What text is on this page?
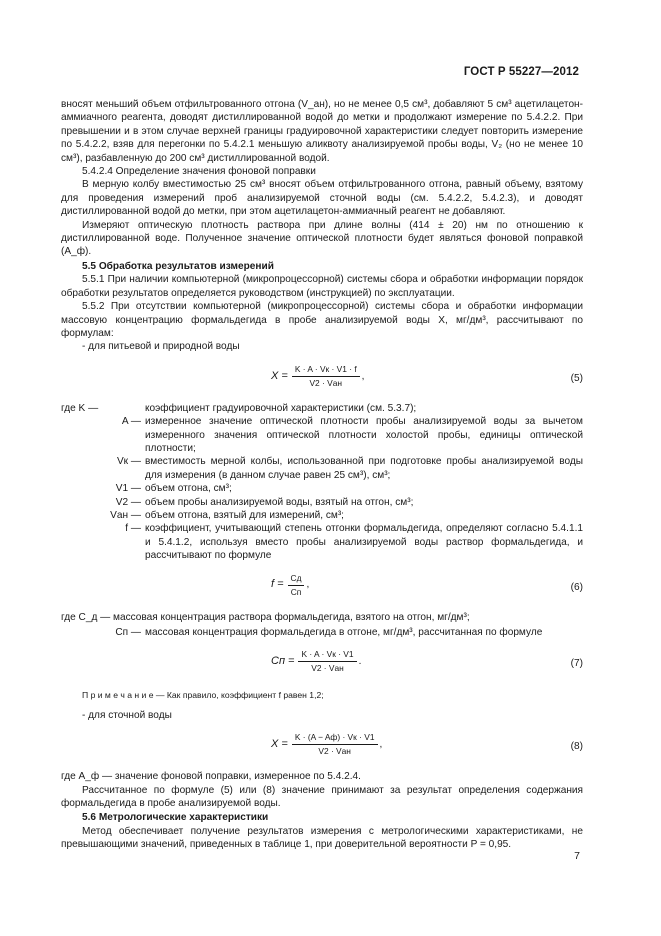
ГОСТ Р 55227—2012

вносят меньший объем отфильтрованного отгона (V_ан), но не менее 0,5 см³, добавляют 5 см³ ацетилацетон-аммиачного реагента, доводят дистиллированной водой до метки и продолжают измерение по 5.4.2.2. При превышении и в этом случае верхней границы градуировочной характеристики следует повторить измерение по 5.4.2.2, взяв для перегонки по 5.4.2.1 меньшую аликвоту анализируемой пробы воды, V₂ (но не менее 10 см³), разбавленную до 200 см³ дистиллированной водой.

5.4.2.4 Определение значения фоновой поправки

В мерную колбу вместимостью 25 см³ вносят объем отфильтрованного отгона, равный объему, взятому для проведения измерений проб анализируемой сточной воды (см. 5.4.2.2, 5.4.2.3), и доводят дистиллированной водой до метки, при этом ацетилацетон-аммиачный реагент не добавляют.

Измеряют оптическую плотность раствора при длине волны (414 ± 20) нм по отношению к дистиллированной воде. Полученное значение оптической плотности будет являться фоновой поправкой (A_ф).

5.5 Обработка результатов измерений

5.5.1 При наличии компьютерной (микропроцессорной) системы сбора и обработки информации порядок обработки результатов определяется руководством (инструкцией) по эксплуатации.

5.5.2 При отсутствии компьютерной (микропроцессорной) системы сбора и обработки информации массовую концентрацию формальдегида в пробе анализируемой воды X, мг/дм³, рассчитывают по формулам:

- для питьевой и природной воды

$X = \frac{K \cdot A \cdot Vк \cdot V1 \cdot f}{\text{V2 · Vан}}$ ,	(5)
где K —	коэффициент градуировочной характеристики (см. 5.3.7);
A — измеренное значение оптической плотности пробы анализируемой воды за вычетом измеренного значения оптической плотности холостой пробы, единицы оптической плотности;
Vк — вместимость мерной колбы, использованной при подготовке пробы анализируемой воды для измерения (в данном случае равен 25 см³), см³;
V1 — объем отгона, см³;
V2 — объем пробы анализируемой воды, взятый на отгон, см³;
Vан — объем отгона, взятый для измерений, см³;
f — коэффициент, учитывающий степень отгонки формальдегида, определяют согласно 5.4.1.1 и 5.4.1.2, используя вместо пробы анализируемой воды раствор формальдегида, и рассчитывают по формуле
$f = \frac{Cд}{Cп}$ ,	(6)

где C_д — массовая концентрация раствора формальдегида, взятого на отгон, мг/дм³;

Cп — массовая концентрация формальдегида в отгоне, мг/дм³, рассчитанная по формуле
Cп = $\frac{K \cdot A \cdot Vк \cdot V1}{\text{V2 · Vан}}$ .	(7)

П р и м е ч а н и е — Как правило, коэффициент f равен 1,2;

- для сточной воды

$X = \frac{K \cdot (A - Aф) \cdot Vк \cdot V1}{\text{V2 · Vан}}$ ,	(8)

где A_ф — значение фоновой поправки, измеренное по 5.4.2.4.

Рассчитанное по формуле (5) или (8) значение принимают за результат определения содержания формальдегида в пробе анализируемой воды.

5.6 Метрологические характеристики

Метод обеспечивает получение результатов измерения с метрологическими характеристиками, не превышающими значений, приведенных в таблице 1, при доверительной вероятности P = 0,95.

7
